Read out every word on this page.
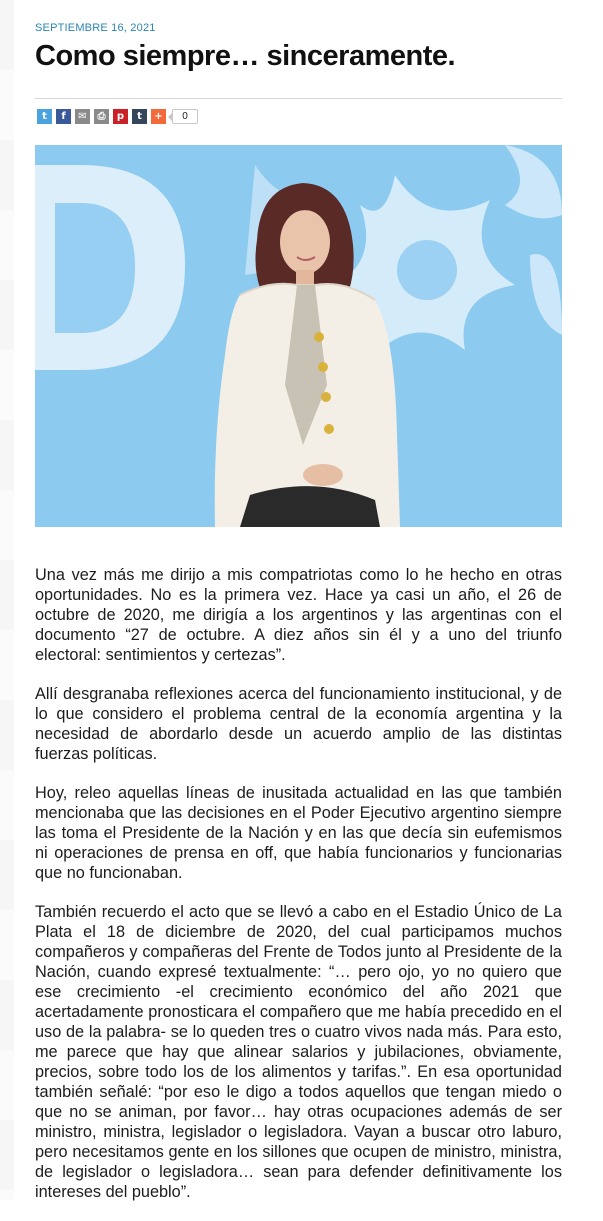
SEPTIEMBRE 16, 2021
Como siempre… sinceramente.
t f ✉ ⎙ p t +	0

Una vez más me dirijo a mis compatriotas como lo he hecho en otras oportunidades. No es la primera vez. Hace ya casi un año, el 26 de octubre de 2020, me dirigía a los argentinos y las argentinas con el documento “27 de octubre. A diez años sin él y a uno del triunfo electoral: sentimientos y certezas”.

Allí desgranaba reflexiones acerca del funcionamiento institucional, y de lo que considero el problema central de la economía argentina y la necesidad de abordarlo desde un acuerdo amplio de las distintas fuerzas políticas.

Hoy, releo aquellas líneas de inusitada actualidad en las que también mencionaba que las decisiones en el Poder Ejecutivo argentino siempre las toma el Presidente de la Nación y en las que decía sin eufemismos ni operaciones de prensa en off, que había funcionarios y funcionarias que no funcionaban.

También recuerdo el acto que se llevó a cabo en el Estadio Único de La Plata el 18 de diciembre de 2020, del cual participamos muchos compañeros y compañeras del Frente de Todos junto al Presidente de la Nación, cuando expresé textualmente: “… pero ojo, yo no quiero que ese crecimiento -el crecimiento económico del año 2021 que acertadamente pronosticara el compañero que me había precedido en el uso de la palabra- se lo queden tres o cuatro vivos nada más. Para esto, me parece que hay que alinear salarios y jubilaciones, obviamente, precios, sobre todo los de los alimentos y tarifas.”. En esa oportunidad también señalé: “por eso le digo a todos aquellos que tengan miedo o que no se animan, por favor… hay otras ocupaciones además de ser ministro, ministra, legislador o legisladora. Vayan a buscar otro laburo, pero necesitamos gente en los sillones que ocupen de ministro, ministra, de legislador o legisladora… sean para defender definitivamente los intereses del pueblo”.
